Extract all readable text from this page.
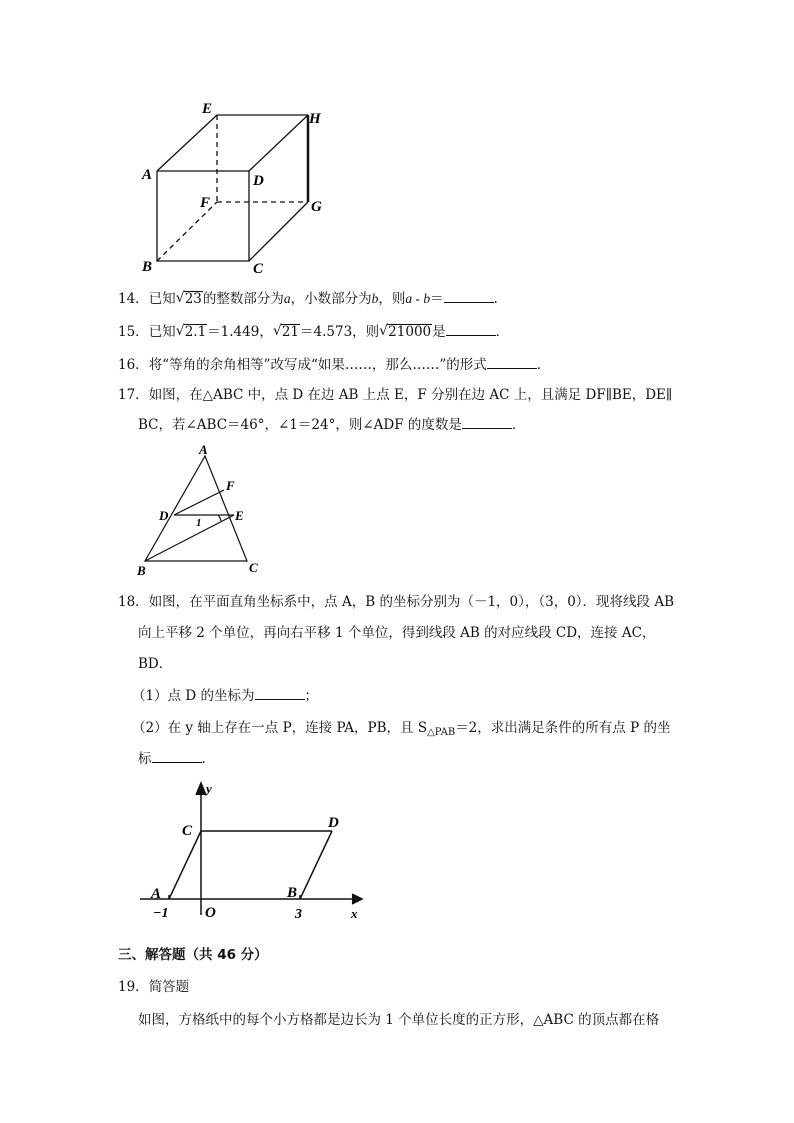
E
H
A	D
F	G
B	C
14．已知 √ 23的整数部分为a，小数部分为b，则a - b＝	．
15．已知 √ 2.1＝1.449， √ 21＝4.573，则 √ 21000是	．
16．将“等角的余角相等”改写成“如果……，那么……”的形式	．
17．如图，在△ABC 中，点 D 在边 AB 上点 E，F 分别在边 AC 上，且满足 DF∥BE，DE∥
BC，若∠ABC＝46°，∠1＝24°，则∠ADF 的度数是	．
A
F
D	E
1
B	C
18．如图，在平面直角坐标系中，点 A，B 的坐标分别为（－1，0），（3，0）．现将线段 AB
向上平移 2 个单位，再向右平移 1 个单位，得到线段 AB 的对应线段 CD，连接 AC，
BD．
（1）点 D 的坐标为	；
（2）在 y 轴上存在一点 P，连接 PA，PB，且 $S_{\triangle PAB}=2$，求出满足条件的所有点 P 的坐
标	．
y
x
C	D
A	B
O
−1	3
三、解答题（共 46 分）
19．简答题
如图，方格纸中的每个小方格都是边长为 1 个单位长度的正方形，△ABC 的顶点都在格
